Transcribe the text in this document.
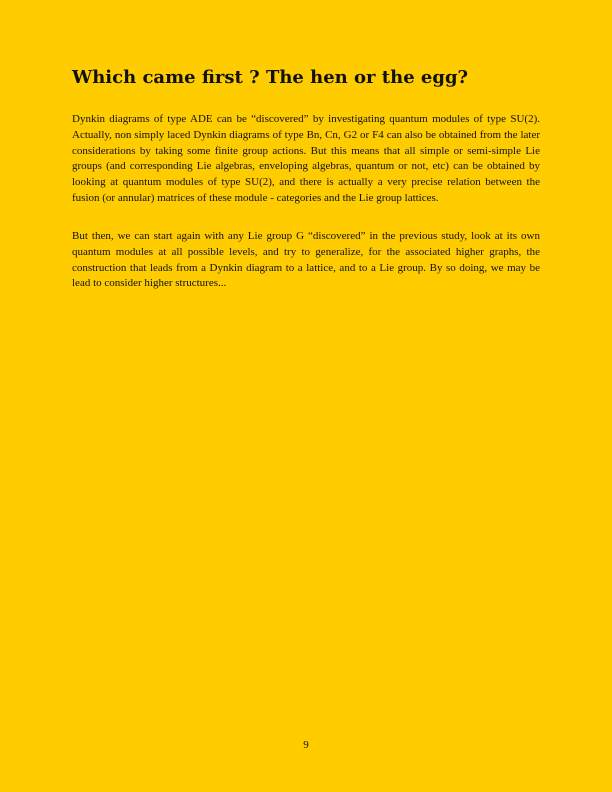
Which came first ? The hen or the egg?

Dynkin diagrams of type ADE can be “discovered” by investigating quantum modules of type SU(2). Actually, non simply laced Dynkin diagrams of type Bn, Cn, G2 or F4 can also be obtained from the later considerations by taking some finite group actions. But this means that all simple or semi-simple Lie groups (and corresponding Lie algebras, enveloping algebras, quantum or not, etc) can be obtained by looking at quantum modules of type SU(2), and there is actually a very precise relation between the fusion (or annular) matrices of these module - categories and the Lie group lattices.

But then, we can start again with any Lie group G “discovered” in the previous study, look at its own quantum modules at all possible levels, and try to generalize, for the associated higher graphs, the construction that leads from a Dynkin diagram to a lattice, and to a Lie group. By so doing, we may be lead to consider higher structures...

9
